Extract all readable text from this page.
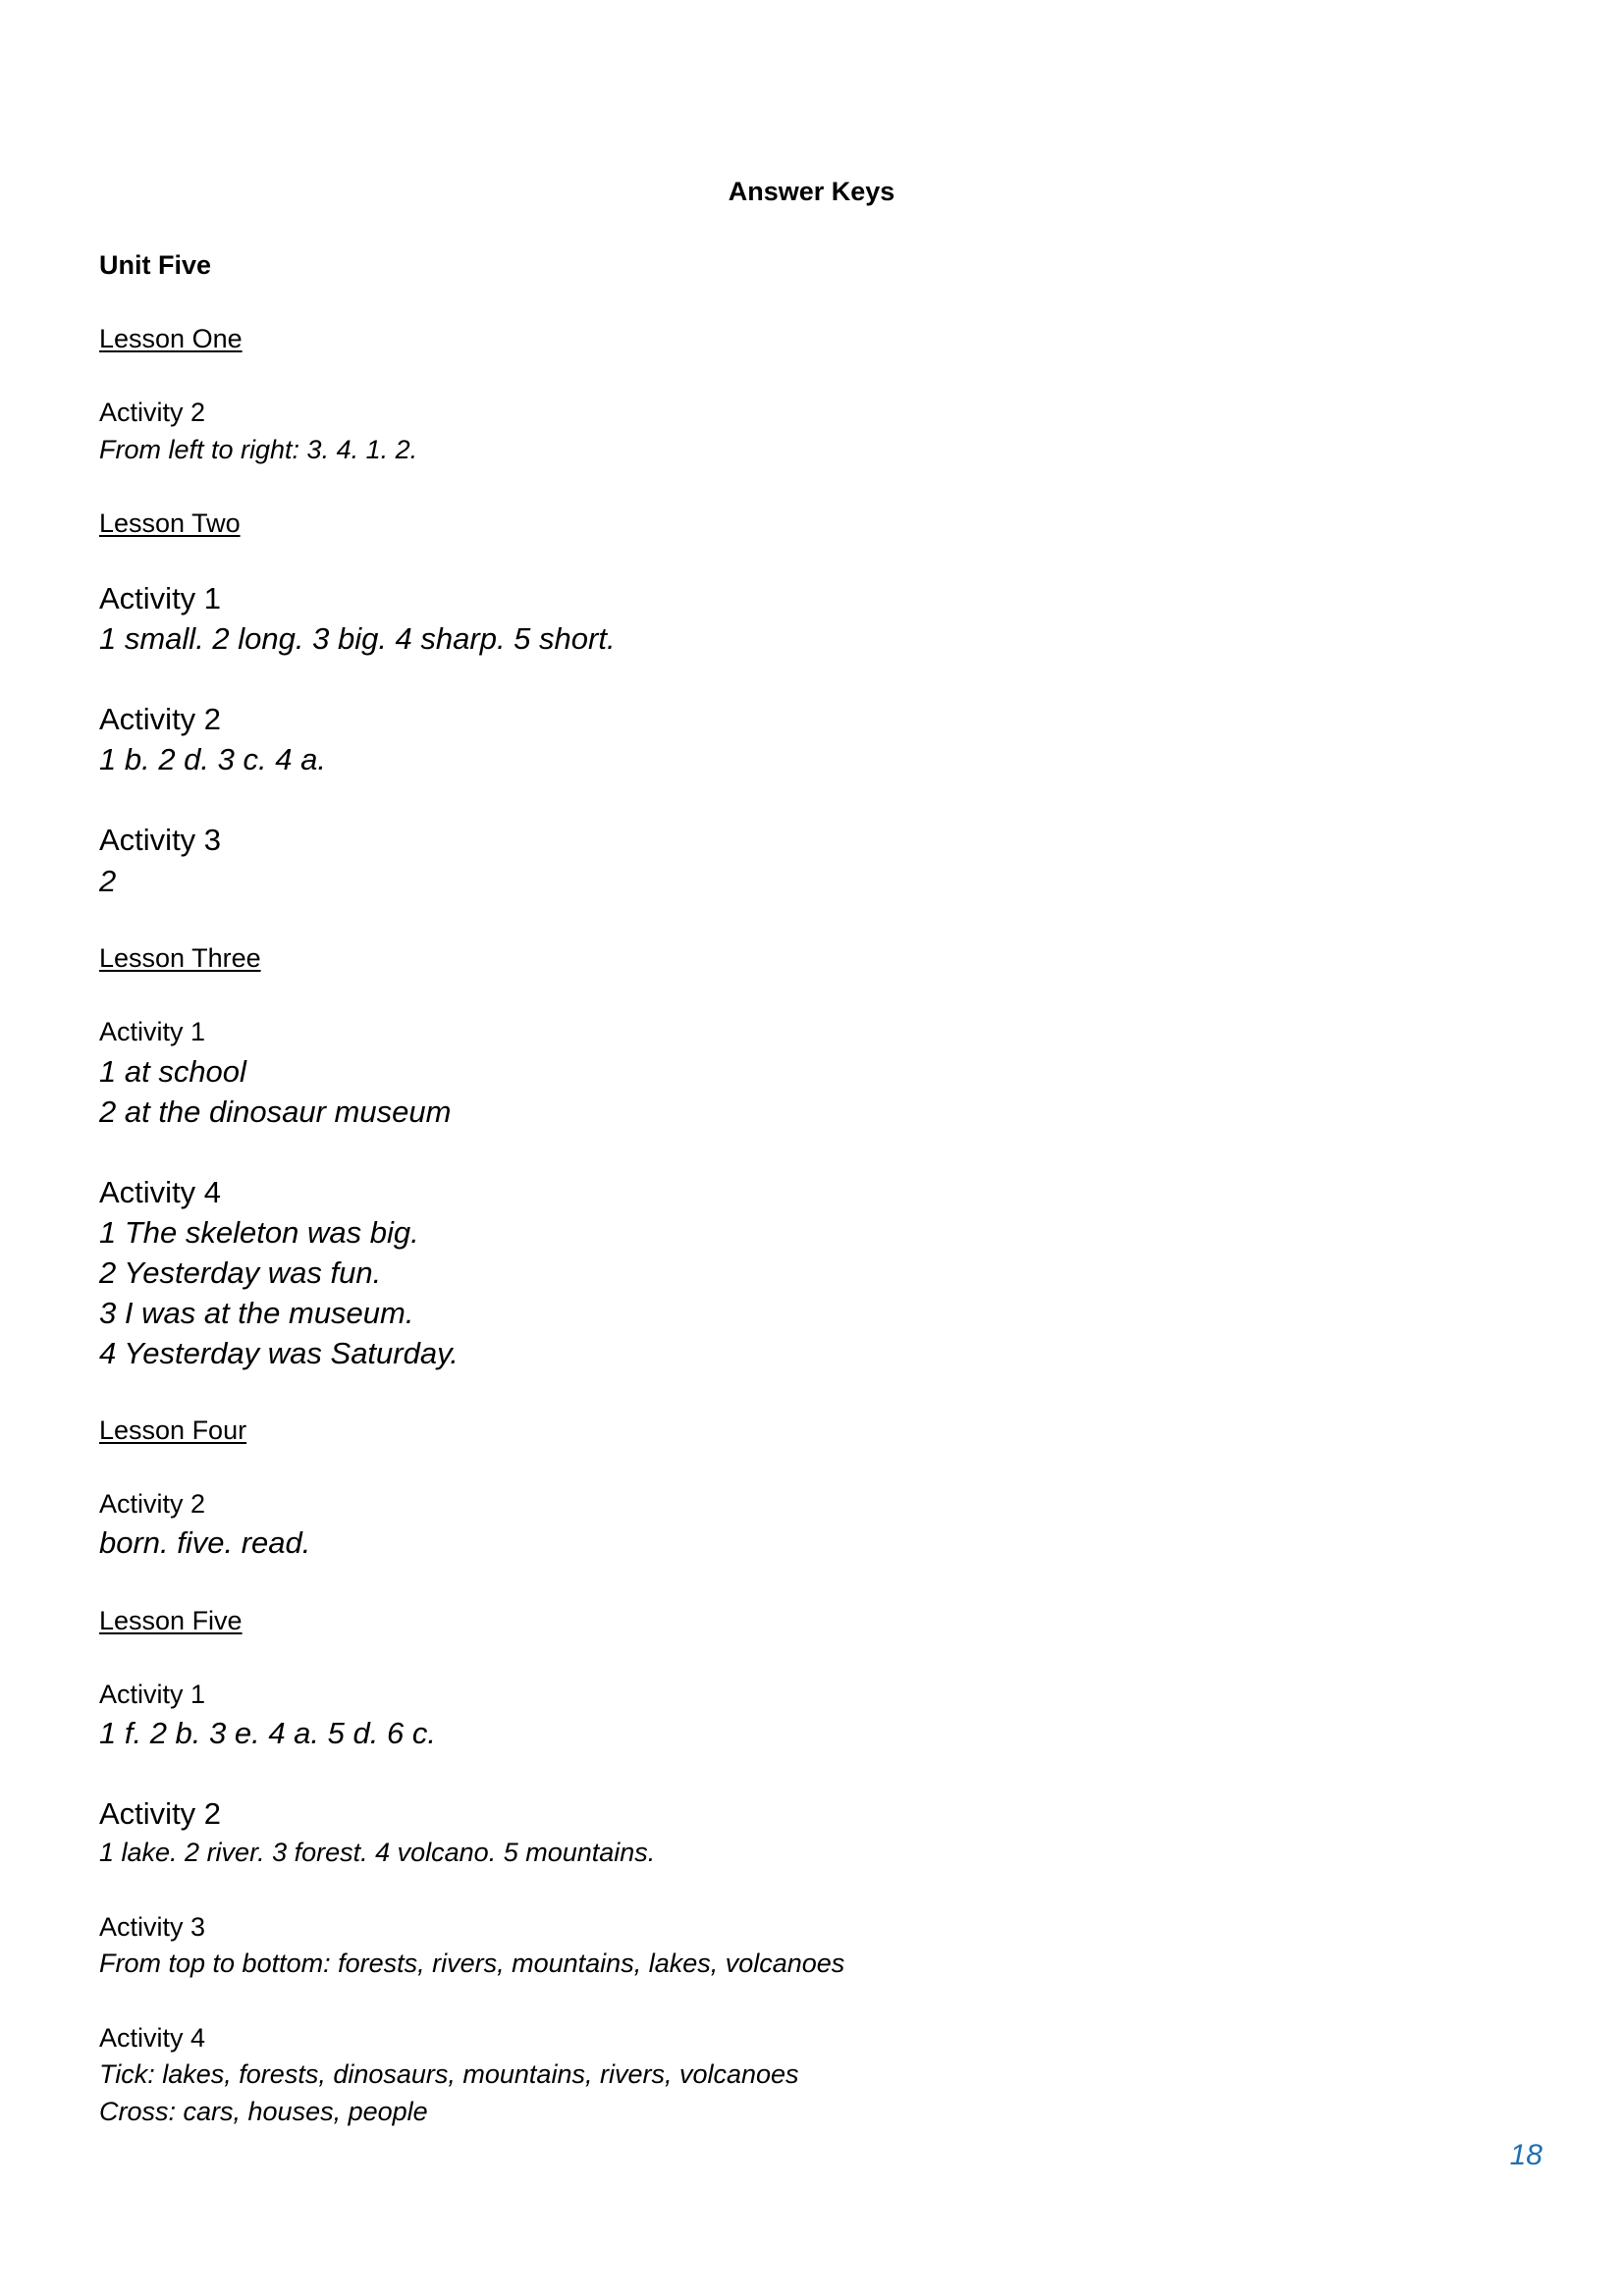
Answer Keys
Unit Five
Lesson One
Activity 2
From left to right: 3. 4. 1. 2.
Lesson Two
Activity 1
1 small. 2 long. 3 big. 4 sharp. 5 short.
Activity 2
1 b. 2 d. 3 c. 4 a.
Activity 3
2
Lesson Three
Activity 1
1 at school
2 at the dinosaur museum
Activity 4
1 The skeleton was big.
2 Yesterday was fun.
3 I was at the museum.
4 Yesterday was Saturday.
Lesson Four
Activity 2
born. five. read.
Lesson Five
Activity 1
1 f. 2 b. 3 e. 4 a. 5 d. 6 c.
Activity 2
1 lake. 2 river. 3 forest. 4 volcano. 5 mountains.
Activity 3
From top to bottom: forests, rivers, mountains, lakes, volcanoes
Activity 4
Tick: lakes, forests, dinosaurs, mountains, rivers, volcanoes
Cross: cars, houses, people
18
